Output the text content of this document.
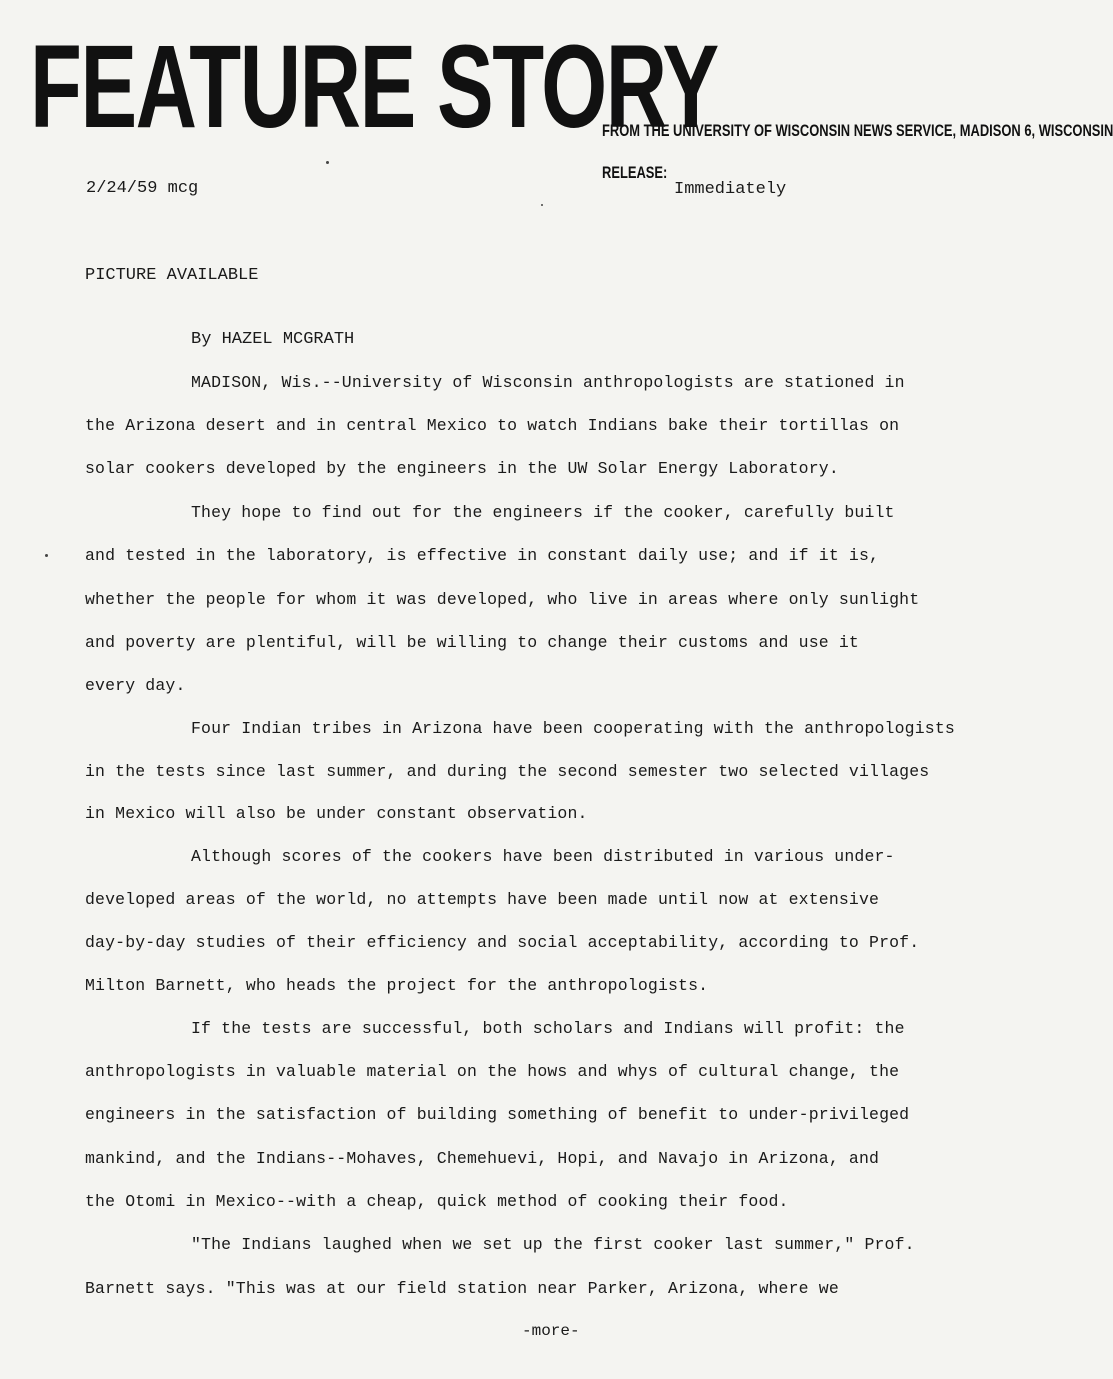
FEATURE STORY
FROM THE UNIVERSITY OF WISCONSIN NEWS SERVICE, MADISON 6, WISCONSIN
RELEASE:
Immediately
2/24/59 mcg
PICTURE AVAILABLE
By HAZEL MCGRATH
MADISON, Wis.--University of Wisconsin anthropologists are stationed in
the Arizona desert and in central Mexico to watch Indians bake their tortillas on
solar cookers developed by the engineers in the UW Solar Energy Laboratory.
They hope to find out for the engineers if the cooker, carefully built
and tested in the laboratory, is effective in constant daily use; and if it is,
whether the people for whom it was developed, who live in areas where only sunlight
and poverty are plentiful, will be willing to change their customs and use it
every day.
Four Indian tribes in Arizona have been cooperating with the anthropologists
in the tests since last summer, and during the second semester two selected villages
in Mexico will also be under constant observation.
Although scores of the cookers have been distributed in various under-
developed areas of the world, no attempts have been made until now at extensive
day-by-day studies of their efficiency and social acceptability, according to Prof.
Milton Barnett, who heads the project for the anthropologists.
If the tests are successful, both scholars and Indians will profit: the
anthropologists in valuable material on the hows and whys of cultural change, the
engineers in the satisfaction of building something of benefit to under-privileged
mankind, and the Indians--Mohaves, Chemehuevi, Hopi, and Navajo in Arizona, and
the Otomi in Mexico--with a cheap, quick method of cooking their food.
"The Indians laughed when we set up the first cooker last summer," Prof.
Barnett says. "This was at our field station near Parker, Arizona, where we
-more-
